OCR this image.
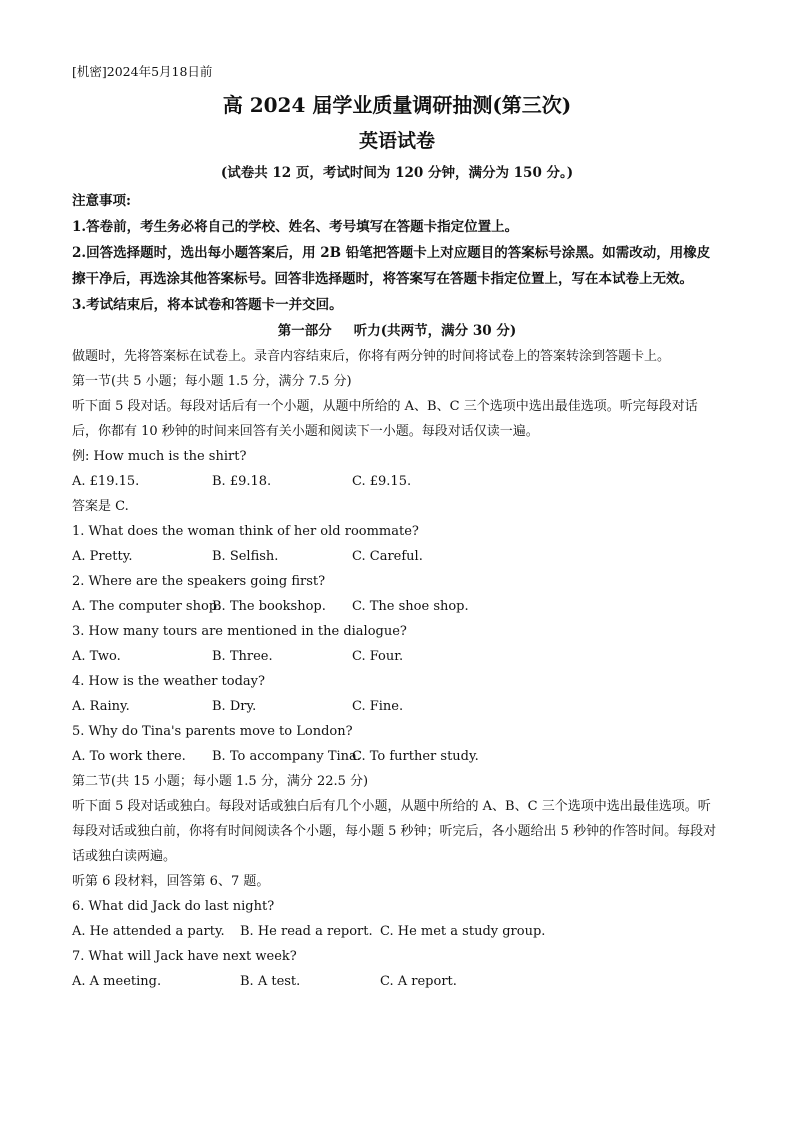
[机密]2024年5月18日前
高 2024 届学业质量调研抽测(第三次)
英语试卷
(试卷共 12 页，考试时间为 120 分钟，满分为 150 分。)
注意事项:
1.答卷前，考生务必将自己的学校、姓名、考号填写在答题卡指定位置上。
2.回答选择题时，选出每小题答案后，用 2B 铅笔把答题卡上对应题目的答案标号涂黑。如需改动，用橡皮擦干净后，再选涂其他答案标号。回答非选择题时，将答案写在答题卡指定位置上，写在本试卷上无效。
3.考试结束后，将本试卷和答题卡一并交回。
第一部分 听力(共两节，满分 30 分)
做题时，先将答案标在试卷上。录音内容结束后，你将有两分钟的时间将试卷上的答案转涂到答题卡上。
第一节(共 5 小题；每小题 1.5 分，满分 7.5 分)
听下面 5 段对话。每段对话后有一个小题，从题中所给的 A、B、C 三个选项中选出最佳选项。听完每段对话后，你都有 10 秒钟的时间来回答有关小题和阅读下一小题。每段对话仅读一遍。
例: How much is the shirt?
A. £19.15.	B. £9.18.	C. £9.15.
答案是 C.
1. What does the woman think of her old roommate?
A. Pretty.	B. Selfish.	C. Careful.
2. Where are the speakers going first?
A. The computer shop.
B. The bookshop.	C. The shoe shop.
3. How many tours are mentioned in the dialogue?
A. Two.	B. Three.	C. Four.
4. How is the weather today?
A. Rainy.	B. Dry.	C. Fine.
5. Why do Tina's parents move to London?
A. To work there.	B. To accompany Tina.
C. To further study.
第二节(共 15 小题；每小题 1.5 分，满分 22.5 分)
听下面 5 段对话或独白。每段对话或独白后有几个小题，从题中所给的 A、B、C 三个选项中选出最佳选项。听每段对话或独白前，你将有时间阅读各个小题，每小题 5 秒钟；听完后，各小题给出 5 秒钟的作答时间。每段对话或独白读两遍。
听第 6 段材料，回答第 6、7 题。
6. What did Jack do last night?
A. He attended a party.	B. He read a report. C. He met a study group.
7. What will Jack have next week?
A. A meeting.	B. A test.	C. A report.
